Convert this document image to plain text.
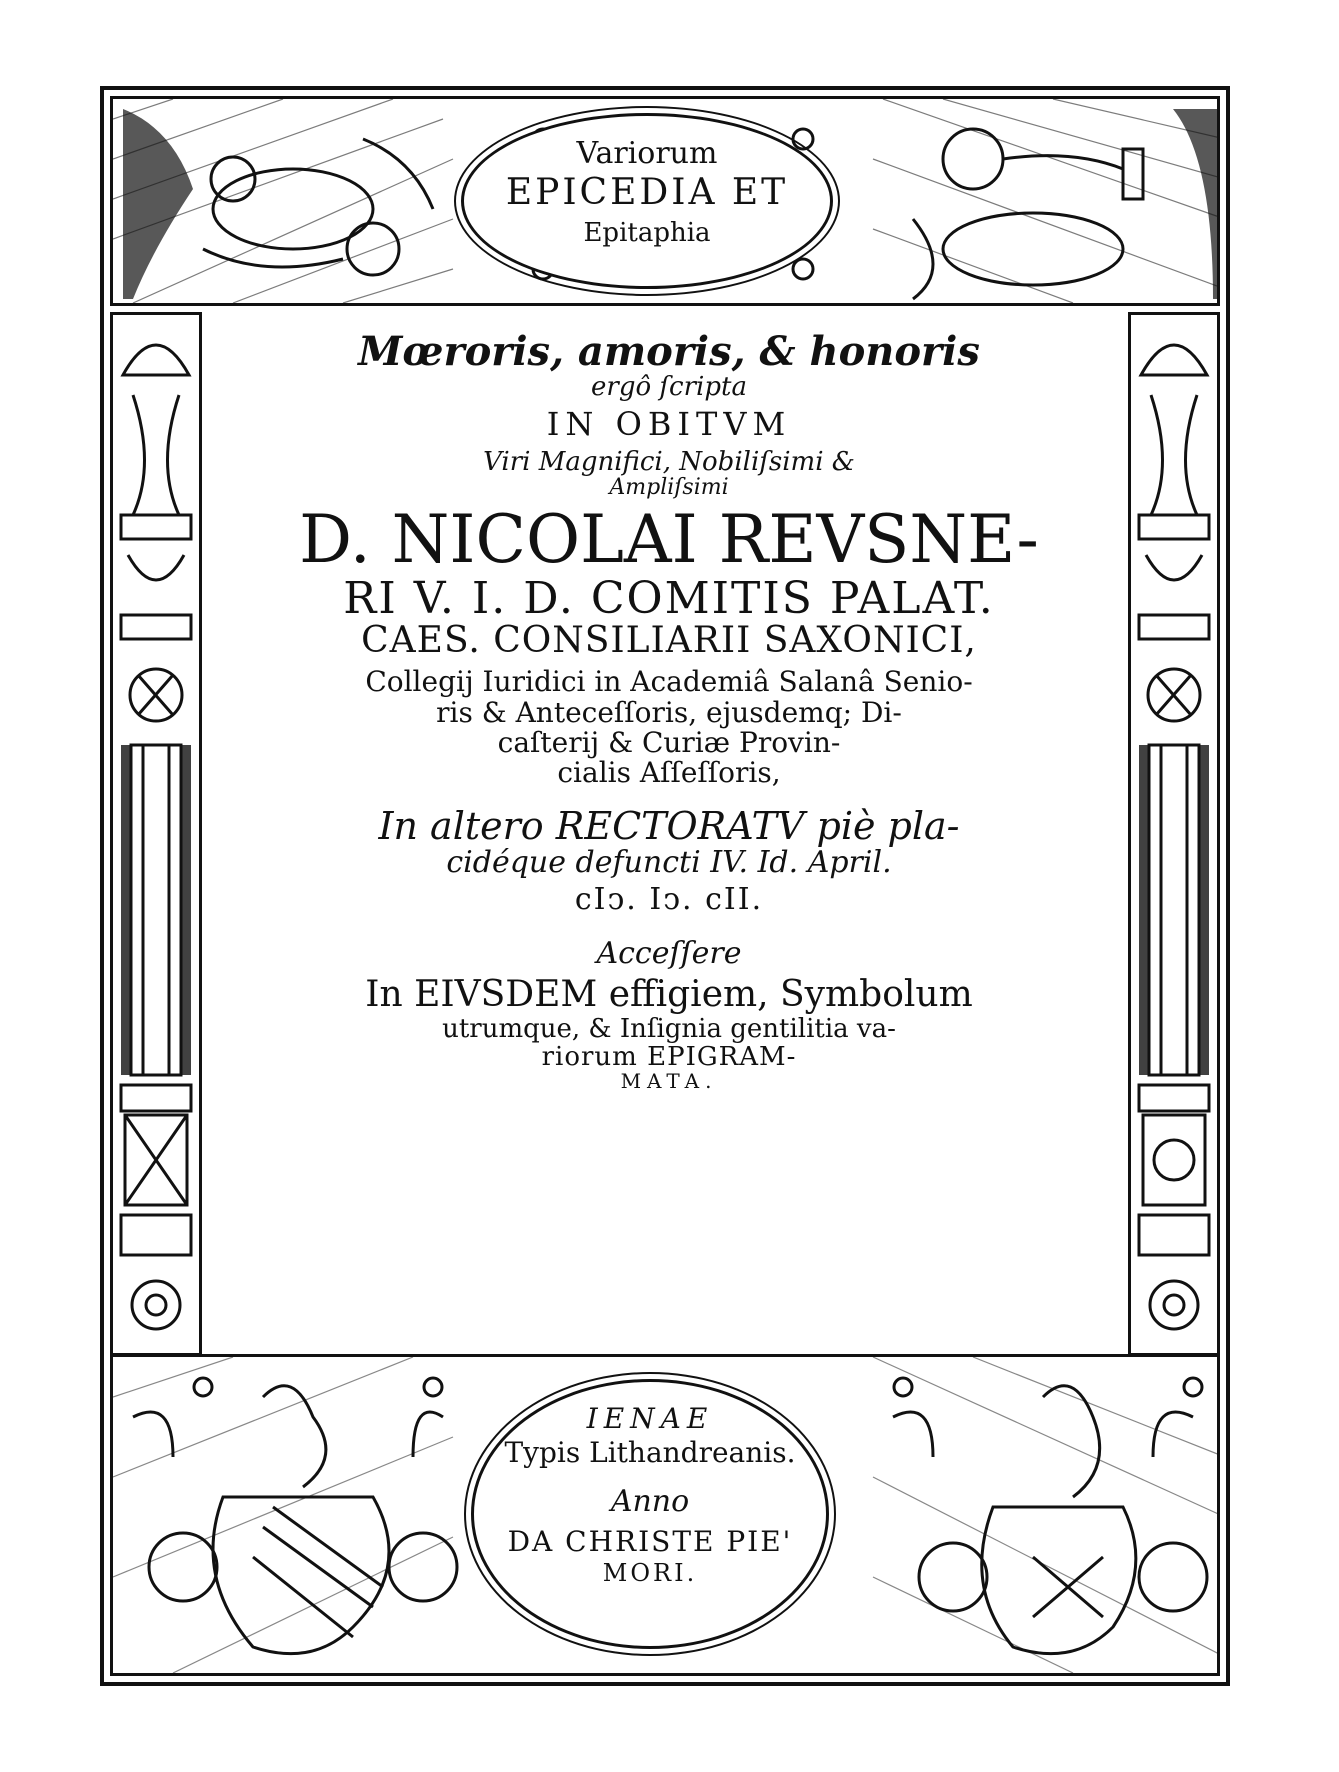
Variorum
EPICEDIA ET
Epitaphia
Mœroris, amoris, & honoris
ergô ſcripta
IN OBITVM
Viri Magnifici, Nobiliſsimi &
Ampliſsimi
D. NICOLAI REVSNE-
RI V. I. D. COMITIS PALAT.
CAES. CONSILIARII SAXONICI,
Collegij Iuridici in Academiâ Salanâ Senio-
ris & Anteceſſoris, ejusdemq; Di-
caſterij & Curiæ Provin-
cialis Aſſeſſoris,
In altero RECTORATV piè pla-
cidéque defuncti IV. Id. April.
cIↄ. Iↄ. cII.
Acceſſere
In EIVSDEM effigiem, Symbolum
utrumque, & Inſignia gentilitia va-
riorum EPIGRAM-
MATA.
IENAE
Typis Lithandreanis.
Anno
DA CHRISTE PIE'
MORI.
